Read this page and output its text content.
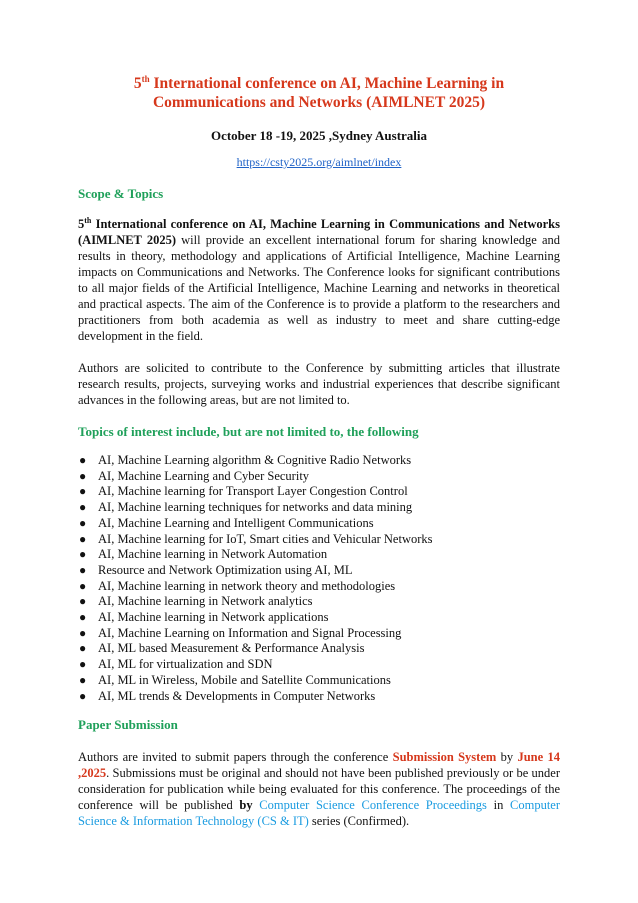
5th International conference on AI, Machine Learning in Communications and Networks (AIMLNET 2025)
October 18 -19, 2025 ,Sydney Australia
https://csty2025.org/aimlnet/index
Scope & Topics

5th International conference on AI, Machine Learning in Communications and Networks (AIMLNET 2025) will provide an excellent international forum for sharing knowledge and results in theory, methodology and applications of Artificial Intelligence, Machine Learning impacts on Communications and Networks. The Conference looks for significant contributions to all major fields of the Artificial Intelligence, Machine Learning and networks in theoretical and practical aspects. The aim of the Conference is to provide a platform to the researchers and practitioners from both academia as well as industry to meet and share cutting-edge development in the field.

Authors are solicited to contribute to the Conference by submitting articles that illustrate research results, projects, surveying works and industrial experiences that describe significant advances in the following areas, but are not limited to.

Topics of interest include, but are not limited to, the following
● AI, Machine Learning algorithm & Cognitive Radio Networks
● AI, Machine Learning and Cyber Security
● AI, Machine learning for Transport Layer Congestion Control
● AI, Machine learning techniques for networks and data mining
● AI, Machine Learning and Intelligent Communications
● AI, Machine learning for IoT, Smart cities and Vehicular Networks
● AI, Machine learning in Network Automation
● Resource and Network Optimization using AI, ML
● AI, Machine learning in network theory and methodologies
● AI, Machine learning in Network analytics
● AI, Machine learning in Network applications
● AI, Machine Learning on Information and Signal Processing
● AI, ML based Measurement & Performance Analysis
● AI, ML for virtualization and SDN
● AI, ML in Wireless, Mobile and Satellite Communications
● AI, ML trends & Developments in Computer Networks
Paper Submission

Authors are invited to submit papers through the conference Submission System by June 14 ,2025. Submissions must be original and should not have been published previously or be under consideration for publication while being evaluated for this conference. The proceedings of the conference will be published by Computer Science Conference Proceedings in Computer Science & Information Technology (CS & IT) series (Confirmed).
